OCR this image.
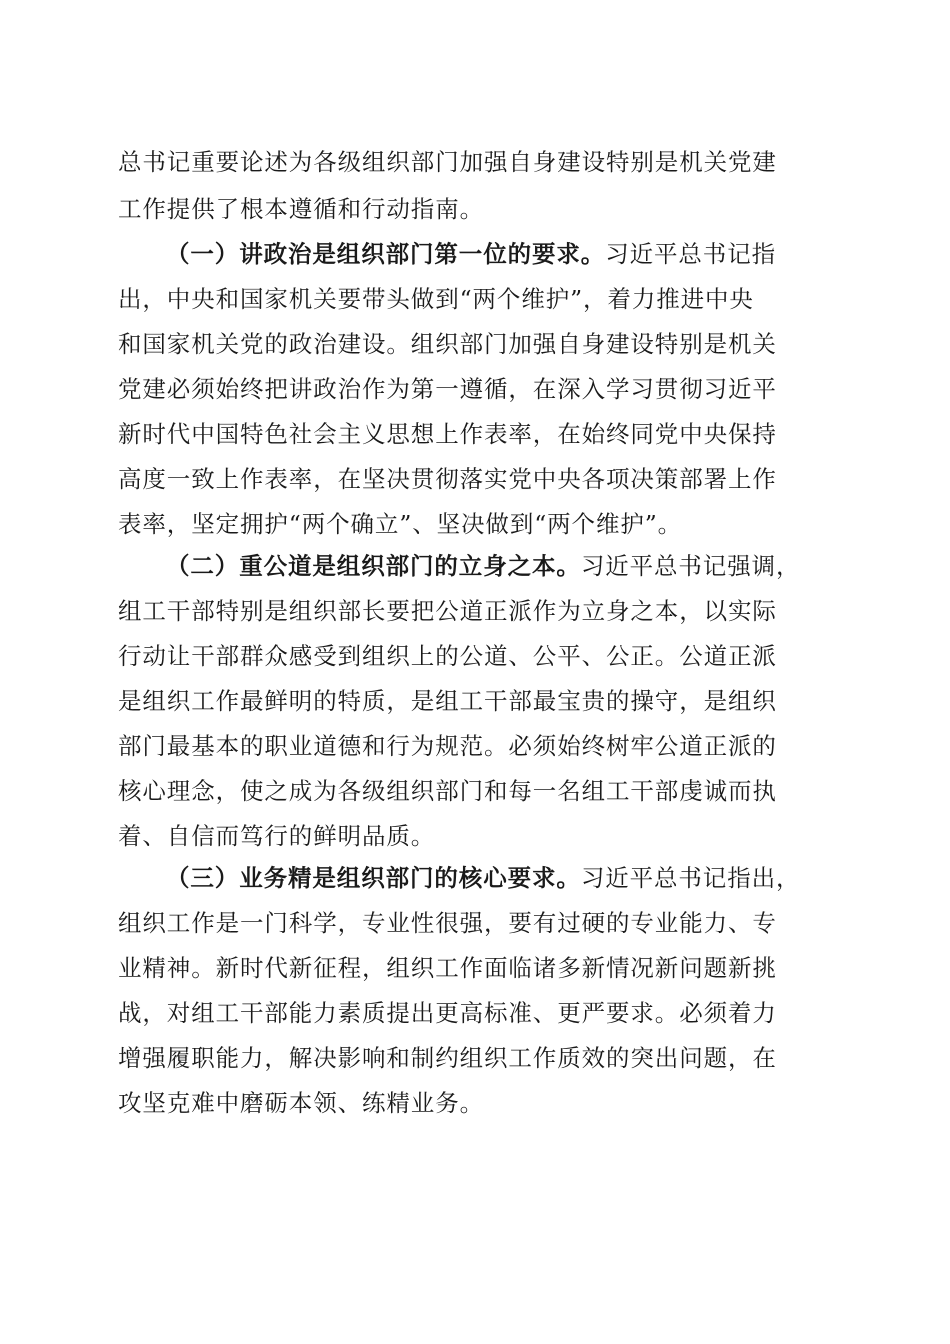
总书记重要论述为各级组织部门加强自身建设特别是机关党建
工作提供了根本遵循和行动指南。
（一）讲政治是组织部门第一位的要求。习近平总书记指
出，中央和国家机关要带头做到“两个维护”，着力推进中央
和国家机关党的政治建设。组织部门加强自身建设特别是机关
党建必须始终把讲政治作为第一遵循，在深入学习贯彻习近平
新时代中国特色社会主义思想上作表率，在始终同党中央保持
高度一致上作表率，在坚决贯彻落实党中央各项决策部署上作
表率，坚定拥护“两个确立”、坚决做到“两个维护”。
（二）重公道是组织部门的立身之本。习近平总书记强调，
组工干部特别是组织部长要把公道正派作为立身之本，以实际
行动让干部群众感受到组织上的公道、公平、公正。公道正派
是组织工作最鲜明的特质，是组工干部最宝贵的操守，是组织
部门最基本的职业道德和行为规范。必须始终树牢公道正派的
核心理念，使之成为各级组织部门和每一名组工干部虔诚而执
着、自信而笃行的鲜明品质。
（三）业务精是组织部门的核心要求。习近平总书记指出，
组织工作是一门科学，专业性很强，要有过硬的专业能力、专
业精神。新时代新征程，组织工作面临诸多新情况新问题新挑
战，对组工干部能力素质提出更高标准、更严要求。必须着力
增强履职能力，解决影响和制约组织工作质效的突出问题，在
攻坚克难中磨砺本领、练精业务。
